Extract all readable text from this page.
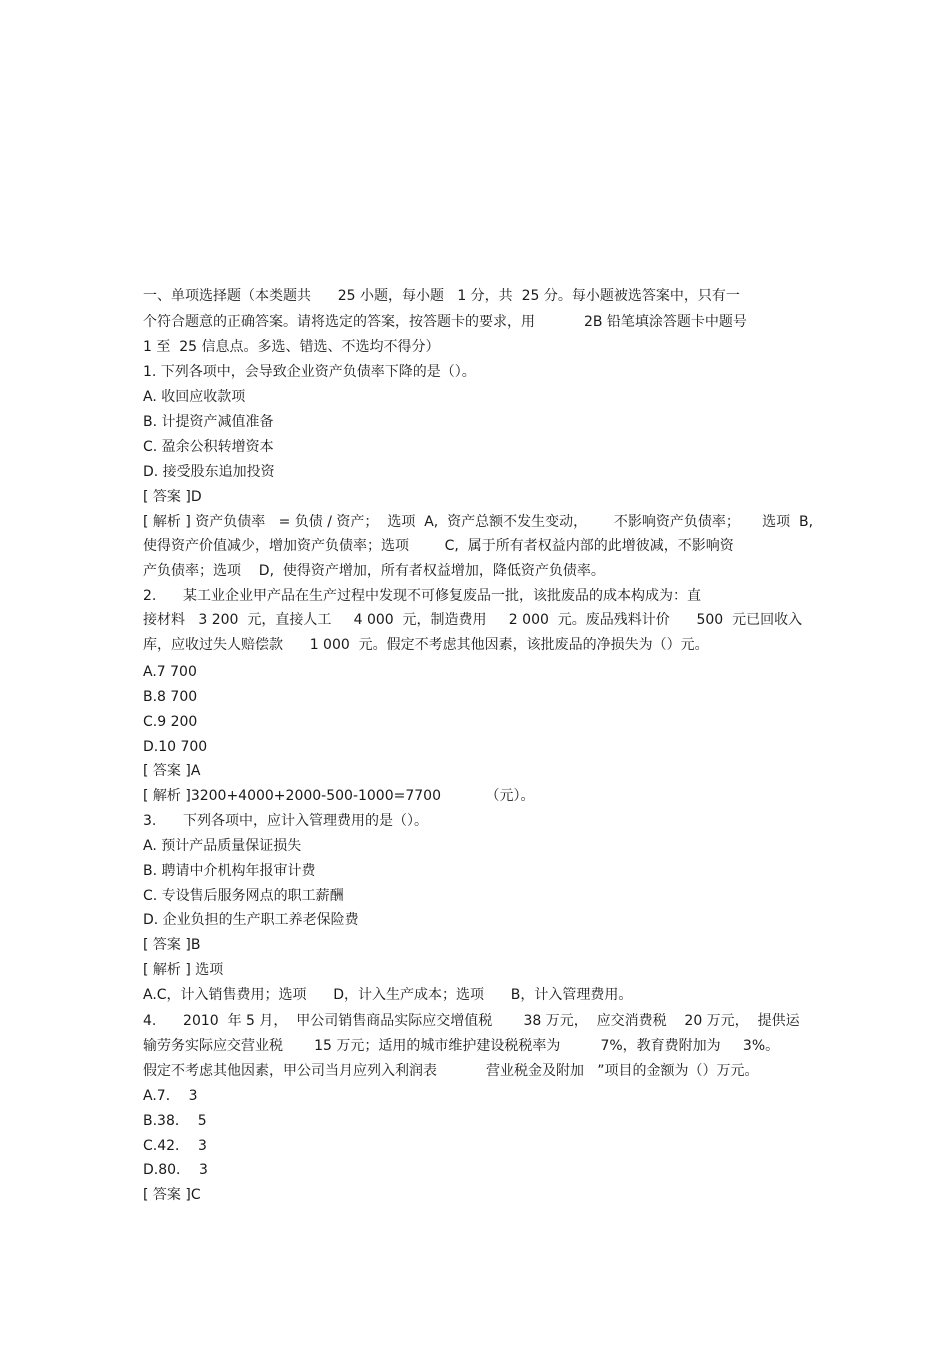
一、单项选择题（本类题共      25 小题，每小题   1 分，共  25 分。每小题被选答案中，只有一

个符合题意的正确答案。请将选定的答案，按答题卡的要求，用           2B 铅笔填涂答题卡中题号

1 至  25 信息点。多选、错选、不选均不得分）

1. 下列各项中，会导致企业资产负债率下降的是（）。

A. 收回应收款项

B. 计提资产减值准备

C. 盈余公积转增资本

D. 接受股东追加投资

[ 答案 ]D

[ 解析 ] 资产负债率   = 负债 / 资产；  选项  A,  资产总额不发生变动，      不影响资产负债率；     选项  B,

使得资产价值减少，增加资产负债率；选项        C,  属于所有者权益内部的此增彼减，不影响资

产负债率；选项    D,  使得资产增加，所有者权益增加，降低资产负债率。

2.      某工业企业甲产品在生产过程中发现不可修复废品一批，该批废品的成本构成为：直

接材料   3 200  元，直接人工     4 000  元，制造费用     2 000  元。废品残料计价      500  元已回收入

库，应收过失人赔偿款      1 000  元。假定不考虑其他因素，该批废品的净损失为（）元。

A.7 700

B.8 700

C.9 200

D.10 700

[ 答案 ]A

[ 解析 ]3200+4000+2000-500-1000=7700          （元）。

3.      下列各项中，应计入管理费用的是（）。

A. 预计产品质量保证损失

B. 聘请中介机构年报审计费

C. 专设售后服务网点的职工薪酬

D. 企业负担的生产职工养老保险费

[ 答案 ]B

[ 解析 ] 选项

A.C，计入销售费用；选项      D，计入生产成本；选项      B，计入管理费用。

4.      2010  年 5 月，  甲公司销售商品实际应交增值税       38 万元，  应交消费税    20 万元，  提供运

输劳务实际应交营业税       15 万元；适用的城市维护建设税税率为         7%，教育费附加为     3%。

假定不考虑其他因素，甲公司当月应列入利润表           营业税金及附加   ”项目的金额为（）万元。

A.7．  3

B.38．  5

C.42．  3

D.80．  3

[ 答案 ]C
